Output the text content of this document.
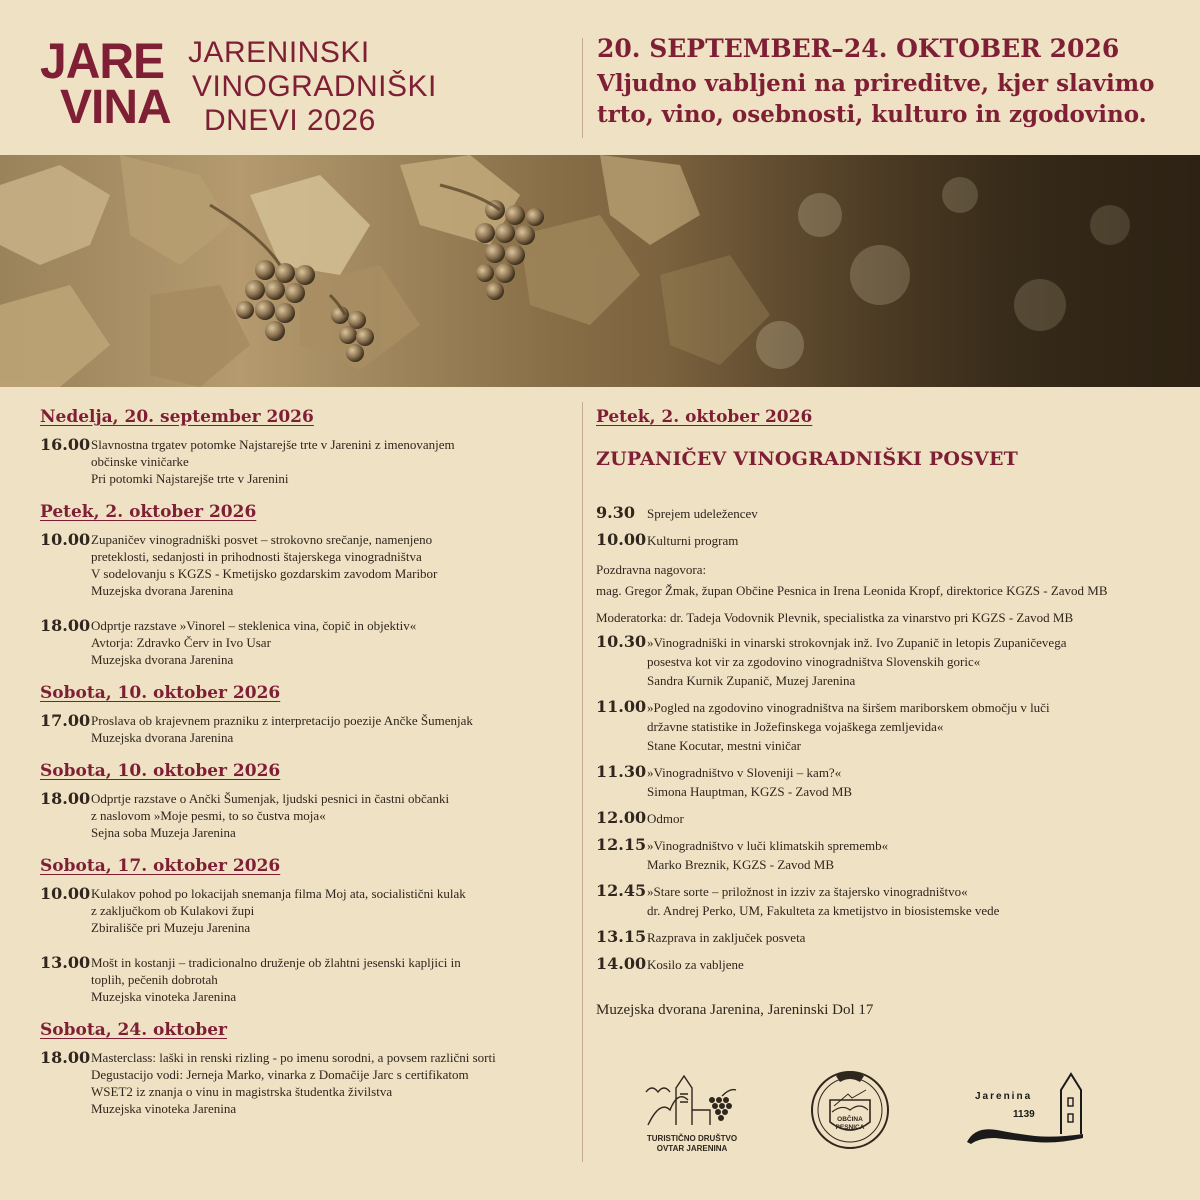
JARE
VINA
JARENINSKI
VINOGRADNIŠKI
DNEVI 2026
20. SEPTEMBER–24. OKTOBER 2026
Vljudno vabljeni na prireditve, kjer slavimo trto, vino, osebnosti, kulturo in zgodovino.
Nedelja, 20. september 2026
16.00 Slavnostna trgatev potomke Najstarejše trte v Jarenini z imenovanjem
občinske viničarke
Pri potomki Najstarejše trte v Jarenini
Petek, 2. oktober 2026
10.00 Zupaničev vinogradniški posvet – strokovno srečanje, namenjeno
preteklosti, sedanjosti in prihodnosti štajerskega vinogradništva
V sodelovanju s KGZS - Kmetijsko gozdarskim zavodom Maribor
Muzejska dvorana Jarenina
18.00 Odprtje razstave »Vinorel – steklenica vina, čopič in objektiv«
Avtorja: Zdravko Červ in Ivo Usar
Muzejska dvorana Jarenina
Sobota, 10. oktober 2026
17.00 Proslava ob krajevnem prazniku z interpretacijo poezije Ančke Šumenjak
Muzejska dvorana Jarenina
Sobota, 10. oktober 2026
18.00 Odprtje razstave o Ančki Šumenjak, ljudski pesnici in častni občanki
z naslovom »Moje pesmi, to so čustva moja«
Sejna soba Muzeja Jarenina
Sobota, 17. oktober 2026
10.00 Kulakov pohod po lokacijah snemanja filma Moj ata, socialistični kulak
z zaključkom ob Kulakovi župi
Zbirališče pri Muzeju Jarenina
13.00 Mošt in kostanji – tradicionalno druženje ob žlahtni jesenski kapljici in
toplih, pečenih dobrotah
Muzejska vinoteka Jarenina
Sobota, 24. oktober
18.00 Masterclass: laški in renski rizling - po imenu sorodni, a povsem različni sorti
Degustacijo vodi: Jerneja Marko, vinarka z Domačije Jarc s certifikatom
WSET2 iz znanja o vinu in magistrska študentka živilstva
Muzejska vinoteka Jarenina
Petek, 2. oktober 2026
ZUPANIČEV VINOGRADNIŠKI POSVET
9.30 Sprejem udeležencev
10.00 Kulturni program
Pozdravna nagovora:
mag. Gregor Žmak, župan Občine Pesnica in Irena Leonida Kropf, direktorice KGZS - Zavod MB
Moderatorka: dr. Tadeja Vodovnik Plevnik, specialistka za vinarstvo pri KGZS - Zavod MB
10.30 »Vinogradniški in vinarski strokovnjak inž. Ivo Zupanič in letopis Zupaničevega
posestva kot vir za zgodovino vinogradništva Slovenskih goric«
Sandra Kurnik Zupanič, Muzej Jarenina
11.00 »Pogled na zgodovino vinogradništva na širšem mariborskem območju v luči
državne statistike in Jožefinskega vojaškega zemljevida«
Stane Kocutar, mestni viničar
11.30 »Vinogradništvo v Sloveniji – kam?«
Simona Hauptman, KGZS - Zavod MB
12.00 Odmor
12.15 »Vinogradništvo v luči klimatskih sprememb«
Marko Breznik, KGZS - Zavod MB
12.45 »Stare sorte – priložnost in izziv za štajersko vinogradništvo«
dr. Andrej Perko, UM, Fakulteta za kmetijstvo in biosistemske vede
13.15 Razprava in zaključek posveta
14.00 Kosilo za vabljene
Muzejska dvorana Jarenina, Jareninski Dol 17
TURISTIČNO DRUŠTVO
OVTAR JARENINA
OBČINA
PESNICA
Jarenina
1139
